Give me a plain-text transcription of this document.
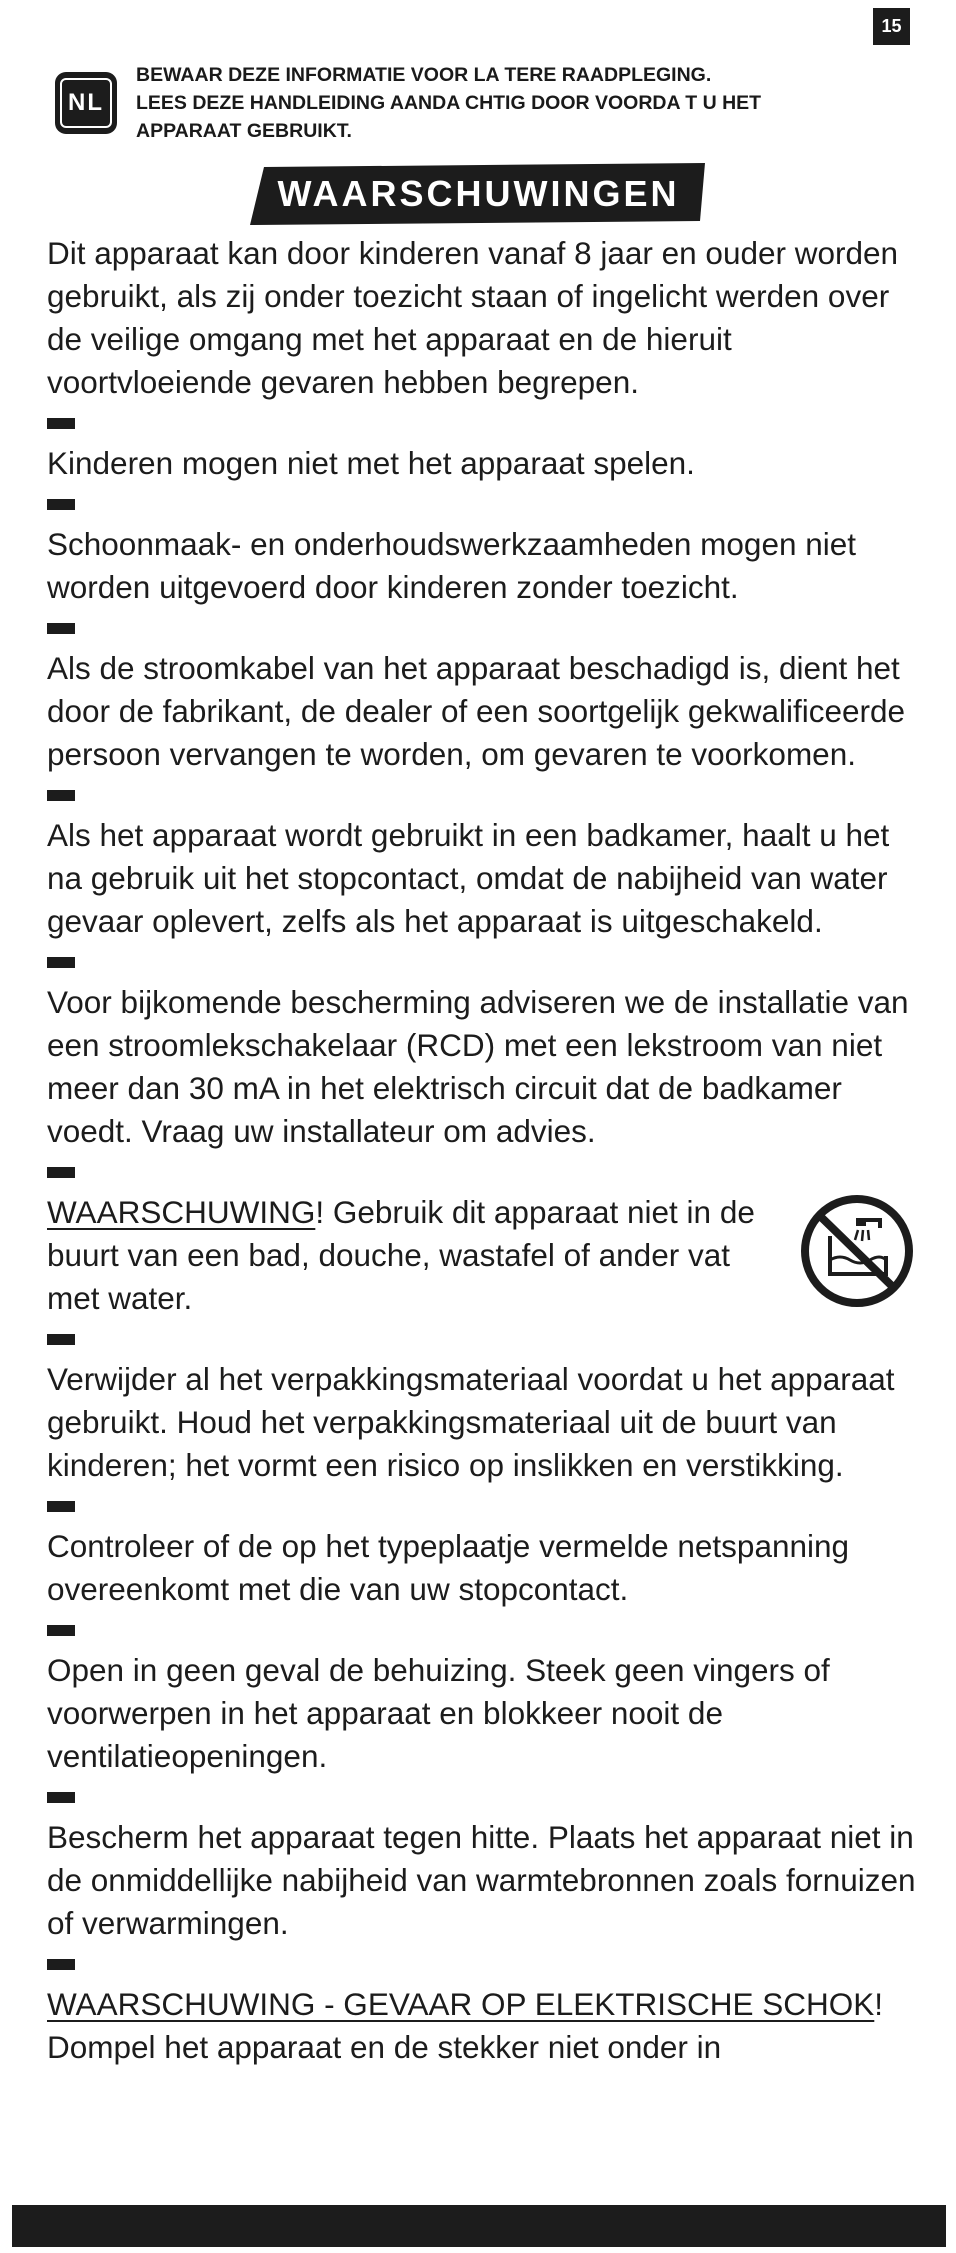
15
NL
BEWAAR DEZE INFORMATIE VOOR LA TERE RAADPLEGING.
LEES DEZE HANDLEIDING AANDA CHTIG DOOR VOORDA T U HET
APPARAAT GEBRUIKT.
WAARSCHUWINGEN

Dit apparaat kan door kinderen vanaf 8 jaar en ouder worden gebruikt, als zij onder toezicht staan of ingelicht werden over de veilige omgang met het apparaat en de hieruit voortvloeiende gevaren hebben begrepen.

Kinderen mogen niet met het apparaat spelen.

Schoonmaak- en onderhoudswerkzaamheden mogen niet worden uitgevoerd door kinderen zonder toezicht.

Als de stroomkabel van het apparaat beschadigd is, dient het door de fabrikant, de dealer of een soortgelijk gekwalificeerde persoon vervangen te worden, om gevaren te voorkomen.

Als het apparaat wordt gebruikt in een badkamer, haalt u het na gebruik uit het stopcontact, omdat de nabijheid van water gevaar oplevert, zelfs als het apparaat is uitgeschakeld.

Voor bijkomende bescherming adviseren we de installatie van een stroomlekschakelaar (RCD) met een lekstroom van niet meer dan 30 mA in het elektrisch circuit dat de badkamer voedt. Vraag uw installateur om advies.

WAARSCHUWING! Gebruik dit apparaat niet in de buurt van een bad, douche, wastafel of ander vat met water.

Verwijder al het verpakkingsmateriaal voordat u het apparaat gebruikt. Houd het verpakkingsmateriaal uit de buurt van kinderen; het vormt een risico op inslikken en verstikking.

Controleer of de op het typeplaatje vermelde netspanning overeenkomt met die van uw stopcontact.

Open in geen geval de behuizing. Steek geen vingers of voorwerpen in het apparaat en blokkeer nooit de ventilatieopeningen.

Bescherm het apparaat tegen hitte. Plaats het apparaat niet in de onmiddellijke nabijheid van warmtebronnen zoals fornuizen of verwarmingen.

WAARSCHUWING - GEVAAR OP ELEKTRISCHE SCHOK! Dompel het apparaat en de stekker niet onder in
